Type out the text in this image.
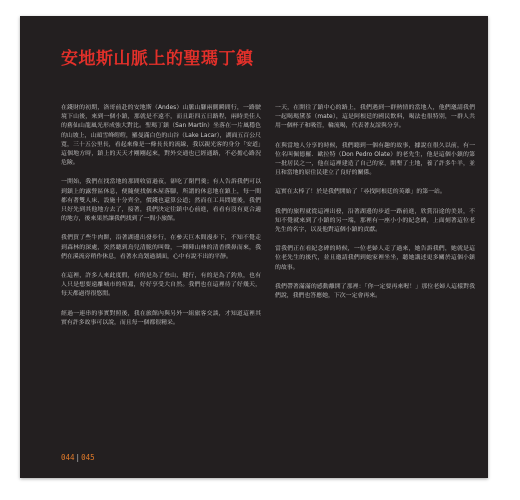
安地斯山脈上的聖瑪丁鎮

在錢財的初期，洛哥前赴的安地斯（Andes）山脈山腳兩側瞬間行，一路駛境下山後，來到一個小鎮，那就是不遠不，而且距四五日路程，兩時美佳人的舊仙山龍風光形成強大對比。聖瑪丁鎮（San Martín）坐落在一片風穩色的山坡上，山頭雪峰皚皚，羅曼滿白色的山谷（Lake Lacar），湖面五百公尺寬，三十五公里長，看起來像是一條長長的流線，我以親光客的身分「安道」這個地方時，鎮上的天天才剛剛起來，對外交通也已經通路，不必擔心路況危險。

一開始，我們在找當地的那間收留過夜，卻吃了閉門羹；有人告訴我們可以到鎮上的露營區休息，便隨便找個木屋落腳，所謂的休息地在鎮上，每一間都有著雙人床，設施十分齊全，價錢也還算公道；然而在工具問題後，我們只好先到其他地方去了，接著，我們決定往鎮中心前進，看看有沒有更合適的地方，後來果然讓我們找到了一間小旅館。

我們買了些牛肉餅，沿著湖邊出發步行，在參天巨木間漫步下，不知不覺走到森林的深處，突然聽到鳥兒清脆的叫聲，一陣陣山林的清香撲鼻而來，我們在溪流旁稍作休息，看著水鳥划過湖面，心中有說不出的平靜。

在這裡，許多人來此度假，有的是為了登山、健行，有的是為了釣魚，也有人只是想要遠離城市的喧囂，好好享受大自然。我們也在這裡待了好幾天，每天都過得很悠閒。

經過一連串的事實對照後，我在旅館內與另外一組旅客交談，才知道這裡其實有許多故事可以說，而且每一個都很精采。

一天，在開往了鎮中心的路上，我們遇到一群熱情的當地人，他們邀請我們一起喝瑪黛茶（mate），這是阿根廷的國民飲料，喝法也很特別，一群人共用一個杯子和吸管，輪流喝，代表著友誼與分享。

在與當地人分享的時候，我們聽到一個有趣的故事，據說在很久以前，有一位名叫佩德羅．歐拉特（Don Pedro Olate）的老先生，他是這個小鎮的第一批居民之一，他在這裡建造了自己的家，開墾了土地，養了許多牛羊，並且和當地的原住民建立了良好的關係。

這實在太棒了！於是我們開始了「尋找阿根廷的英雄」的第一站。

我們的旅程就從這裡出發，沿著湖邊的步道一路前進，欣賞沿途的美景，不知不覺就來到了小鎮的另一端，那裡有一座小小的紀念碑，上面刻著這位老先生的名字，以及他對這個小鎮的貢獻。

當我們正在看紀念碑的時候，一位老婦人走了過來，她告訴我們，她就是這位老先生的後代，並且邀請我們到她家裡坐坐，聽她講述更多關於這個小鎮的故事。

我們帶著滿滿的感動離開了那裡：「你一定要再來喔！」那位老婦人這樣對我們說，我們也答應她，下次一定會再來。

044|045
